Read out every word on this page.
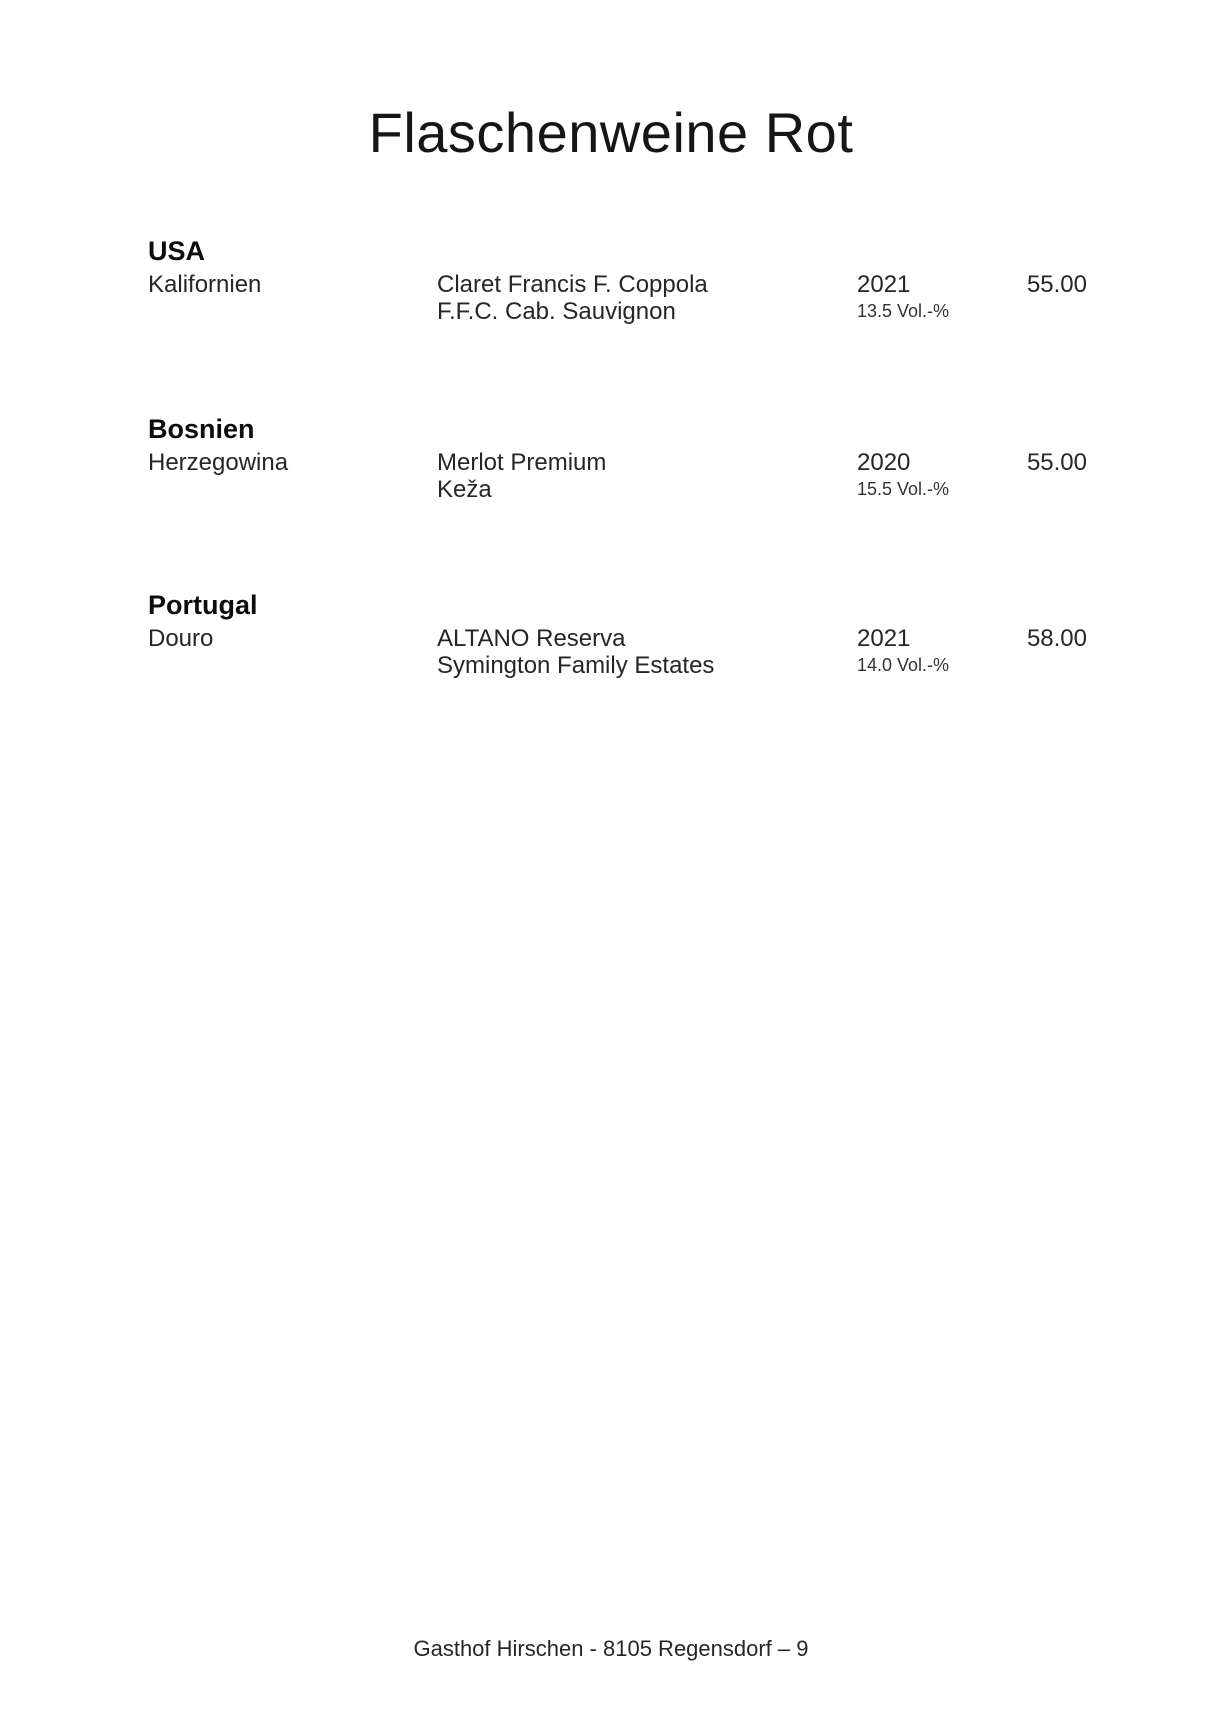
Flaschenweine Rot
USA
Kalifornien	Claret Francis F. Coppola	2021	55.00
F.F.C. Cab. Sauvignon	13.5 Vol.-%
Bosnien
Herzegowina	Merlot Premium	2020	55.00
Keža	15.5 Vol.-%
Portugal
Douro	ALTANO Reserva	2021	58.00
Symington Family Estates	14.0 Vol.-%
Gasthof Hirschen - 8105 Regensdorf – 9
